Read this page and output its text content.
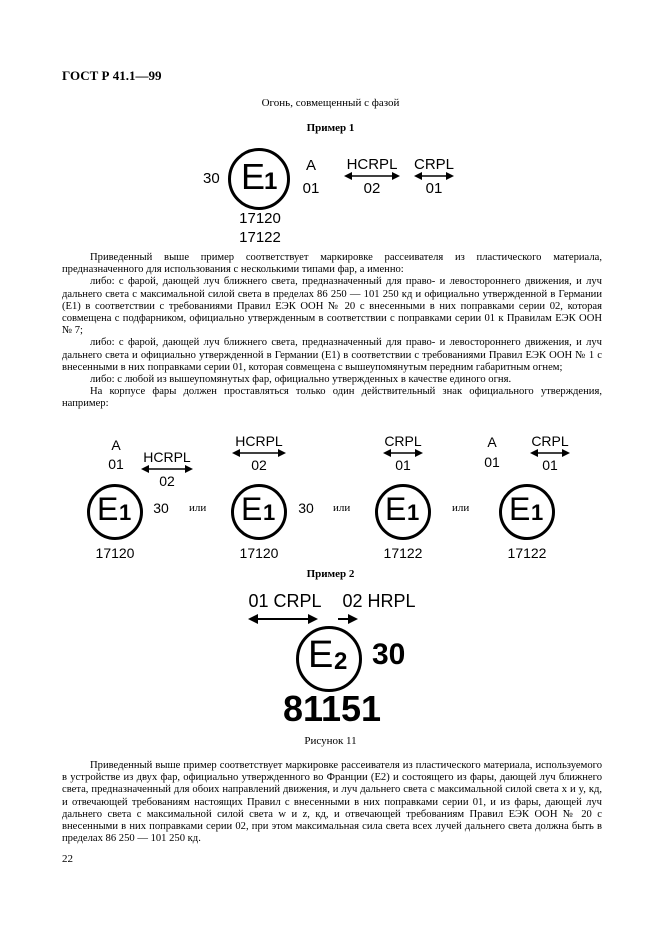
ГОСТ Р 41.1—99
Огонь, совмещенный с фазой
Пример 1
30 E
1
A
01
HCRPL
02
CRPL
01
17120
17122

Приведенный выше пример соответствует маркировке рассеивателя из пластического материала, предназначенного для использования с несколькими типами фар, а именно:

либо: с фарой, дающей луч ближнего света, предназначенный для право- и левостороннего движения, и луч дальнего света с максимальной силой света в пределах 86 250 — 101 250 кд и официально утвержденной в Германии (E1) в соответствии с требованиями Правил ЕЭК ООН № 20 с внесенными в них поправками серии 02, которая совмещена с подфарником, официально утвержденным в соответствии с поправками серии 01 к Правилам ЕЭК ООН № 7;

либо: с фарой, дающей луч ближнего света, предназначенный для право- и левостороннего движения, и луч дальнего света и официально утвержденной в Германии (E1) в соответствии с требованиями Правил ЕЭК ООН № 1 с внесенными в них поправками серии 01, которая совмещена с вышеупомянутым передним габаритным огнем;

либо: с любой из вышеупомянутых фар, официально утвержденных в качестве единого огня.

На корпусе фары должен проставляться только один действительный знак официального утверждения, например:

A
01	HCRPL
02
E 1	30
17120
или
HCRPL
02
E 1	30
17120
или
CRPL
01
E 1
17122
или
A
01
CRPL
01
E 1
17122
Пример 2
01 CRPL 02 HRPL
E 2 30
81151
Рисунок 11

Приведенный выше пример соответствует маркировке рассеивателя из пластического материала, используемого в устройстве из двух фар, официально утвержденного во Франции (E2) и состоящего из фары, дающей луч ближнего света, предназначенный для обоих направлений движения, и луч дальнего света с максимальной силой света x и y, кд, и отвечающей требованиям настоящих Правил с внесенными в них поправками серии 01, и из фары, дающей луч дальнего света с максимальной силой света w и z, кд, и отвечающей требованиям Правил ЕЭК ООН № 20 с внесенными в них поправками серии 02, при этом максимальная сила света всех лучей дальнего света должна быть в пределах 86 250 — 101 250 кд.

22
